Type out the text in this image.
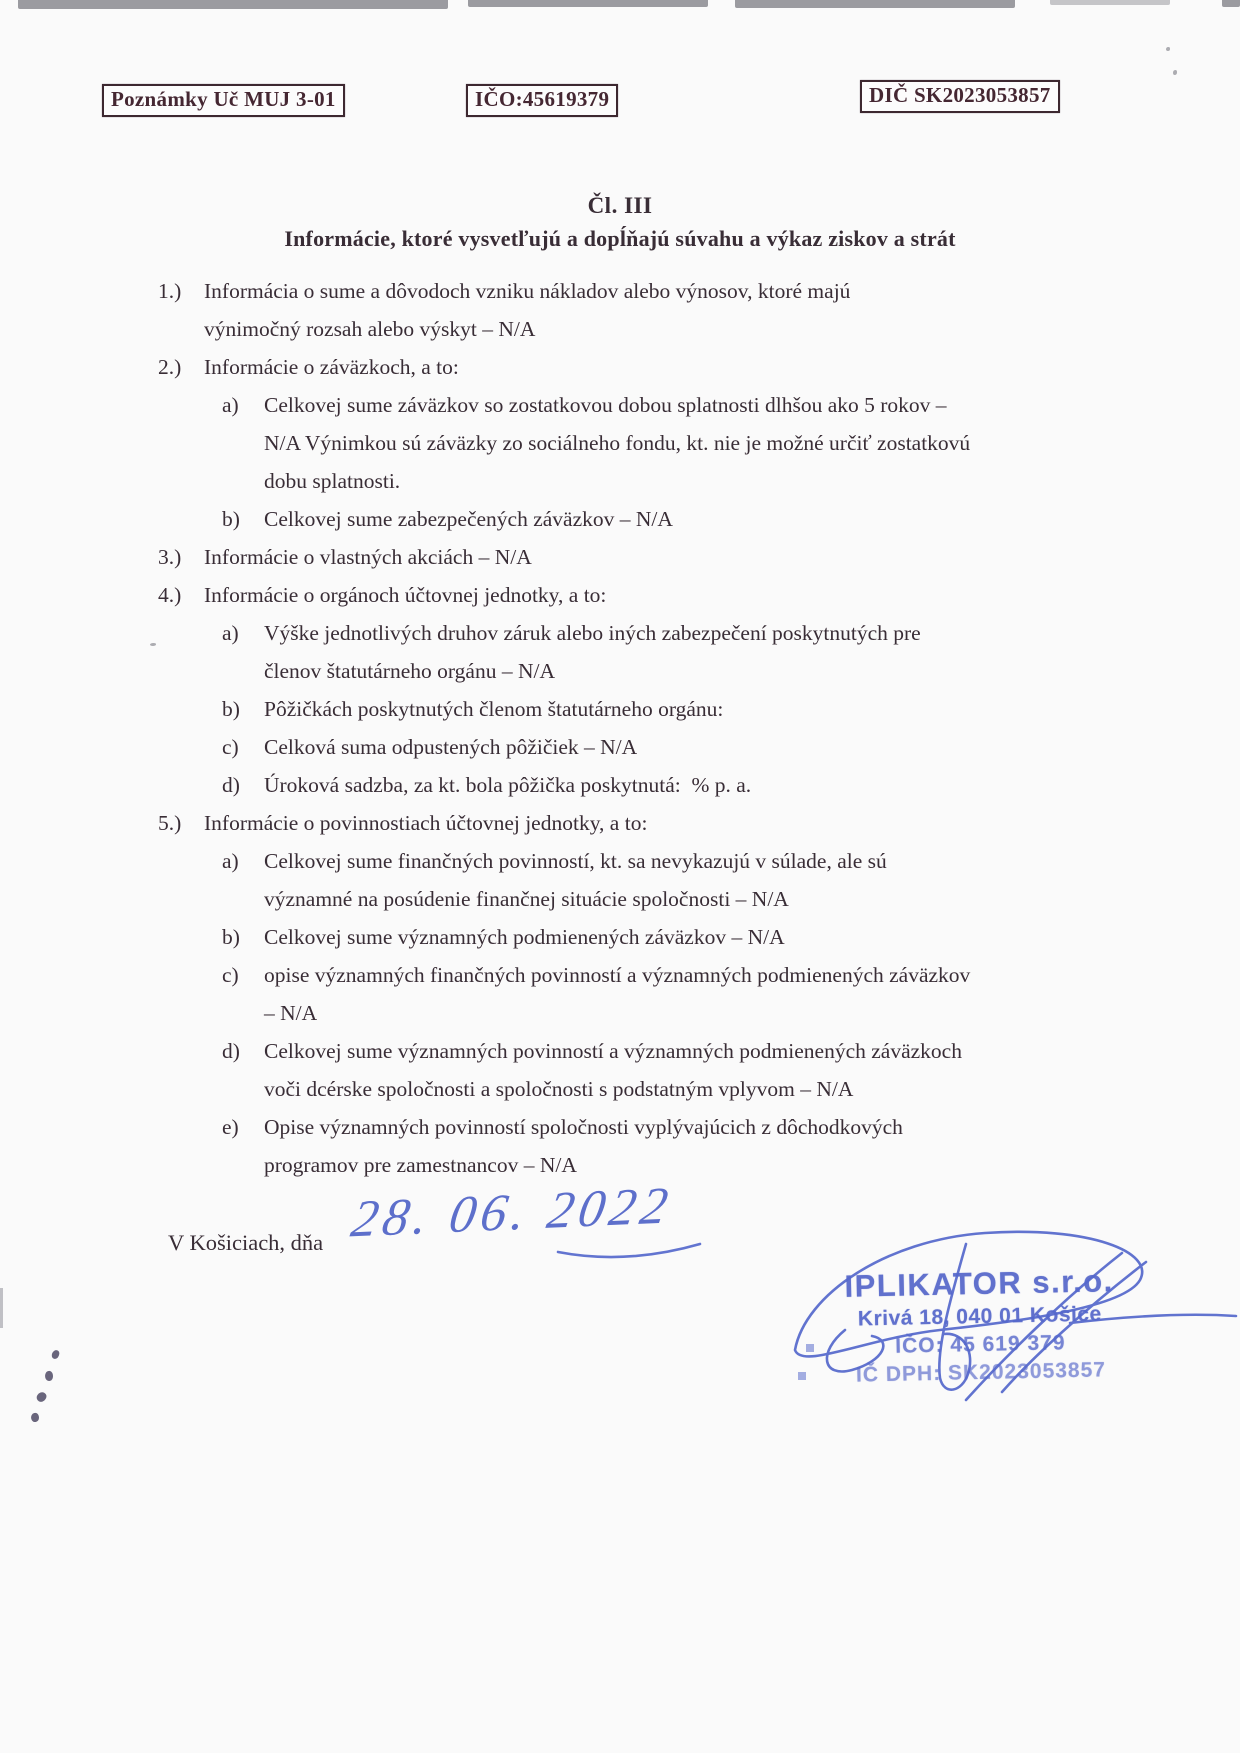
Poznámky Uč MUJ 3-01	IČO:45619379	DIČ SK2023053857
Čl. III
Informácie, ktoré vysvetľujú a dopĺňajú súvahu a výkaz ziskov a strát
1.)	Informácia o sume a dôvodoch vzniku nákladov alebo výnosov, ktoré majú
výnimočný rozsah alebo výskyt – N/A
2.)	Informácie o záväzkoch, a to:
a)	Celkovej sume záväzkov so zostatkovou dobou splatnosti dlhšou ako 5 rokov –
N/A Výnimkou sú záväzky zo sociálneho fondu, kt. nie je možné určiť zostatkovú
dobu splatnosti.
b)	Celkovej sume zabezpečených záväzkov – N/A
3.)	Informácie o vlastných akciách – N/A
4.)	Informácie o orgánoch účtovnej jednotky, a to:
a)	Výške jednotlivých druhov záruk alebo iných zabezpečení poskytnutých pre
členov štatutárneho orgánu – N/A
b)	Pôžičkách poskytnutých členom štatutárneho orgánu:
c)	Celková suma odpustených pôžičiek – N/A
d)	Úroková sadzba, za kt. bola pôžička poskytnutá:  % p. a.
5.)	Informácie o povinnostiach účtovnej jednotky, a to:
a)	Celkovej sume finančných povinností, kt. sa nevykazujú v súlade, ale sú
významné na posúdenie finančnej situácie spoločnosti – N/A
b)	Celkovej sume významných podmienených záväzkov – N/A
c)	opise významných finančných povinností a významných podmienených záväzkov
– N/A
d)	Celkovej sume významných povinností a významných podmienených záväzkoch
voči dcérske spoločnosti a spoločnosti s podstatným vplyvom – N/A
e)	Opise významných povinností spoločnosti vyplývajúcich z dôchodkových
programov pre zamestnancov – N/A
V Košiciach, dňa 28. 06. 2022
IPLIKATOR s.r.o.
Krivá 18, 040 01 Košice
IČO: 45 619 379
IČ DPH: SK2023053857
